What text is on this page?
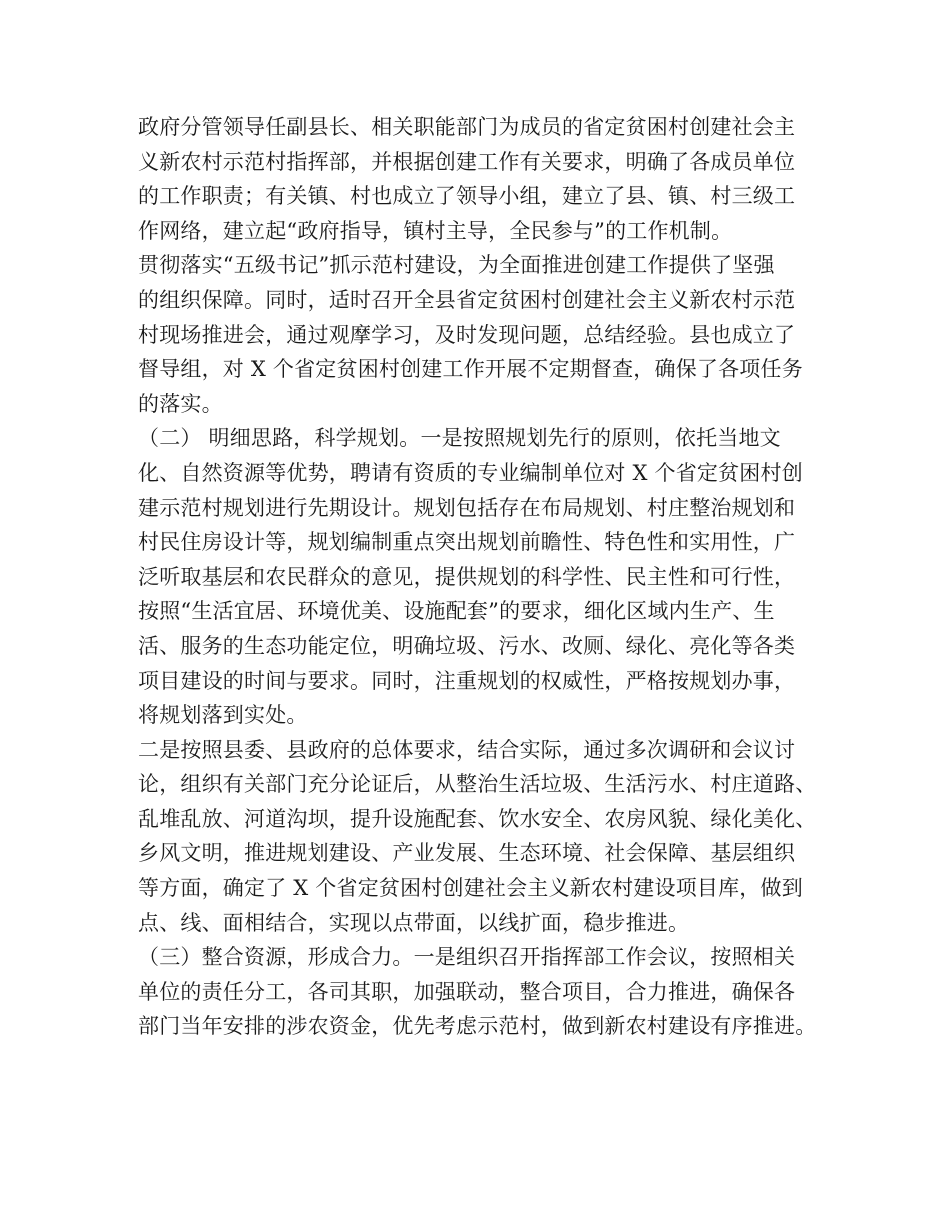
政府分管领导任副县长、相关职能部门为成员的省定贫困村创建社会主
义新农村示范村指挥部，并根据创建工作有关要求，明确了各成员单位
的工作职责；有关镇、村也成立了领导小组，建立了县、镇、村三级工
作网络，建立起“政府指导，镇村主导，全民参与”的工作机制。
贯彻落实“五级书记”抓示范村建设，为全面推进创建工作提供了坚强
的组织保障。同时，适时召开全县省定贫困村创建社会主义新农村示范
村现场推进会，通过观摩学习，及时发现问题，总结经验。县也成立了
督导组，对 X 个省定贫困村创建工作开展不定期督查，确保了各项任务
的落实。
（二） 明细思路，科学规划。一是按照规划先行的原则，依托当地文
化、自然资源等优势，聘请有资质的专业编制单位对 X 个省定贫困村创
建示范村规划进行先期设计。规划包括存在布局规划、村庄整治规划和
村民住房设计等，规划编制重点突出规划前瞻性、特色性和实用性，广
泛听取基层和农民群众的意见，提供规划的科学性、民主性和可行性，
按照“生活宜居、环境优美、设施配套”的要求，细化区域内生产、生
活、服务的生态功能定位，明确垃圾、污水、改厕、绿化、亮化等各类
项目建设的时间与要求。同时，注重规划的权威性，严格按规划办事，
将规划落到实处。
二是按照县委、县政府的总体要求，结合实际，通过多次调研和会议讨
论，组织有关部门充分论证后，从整治生活垃圾、生活污水、村庄道路、
乱堆乱放、河道沟坝，提升设施配套、饮水安全、农房风貌、绿化美化、
乡风文明，推进规划建设、产业发展、生态环境、社会保障、基层组织
等方面，确定了 X 个省定贫困村创建社会主义新农村建设项目库，做到
点、线、面相结合，实现以点带面，以线扩面，稳步推进。
（三）整合资源，形成合力。一是组织召开指挥部工作会议，按照相关
单位的责任分工，各司其职，加强联动，整合项目，合力推进，确保各
部门当年安排的涉农资金，优先考虑示范村，做到新农村建设有序推进。
